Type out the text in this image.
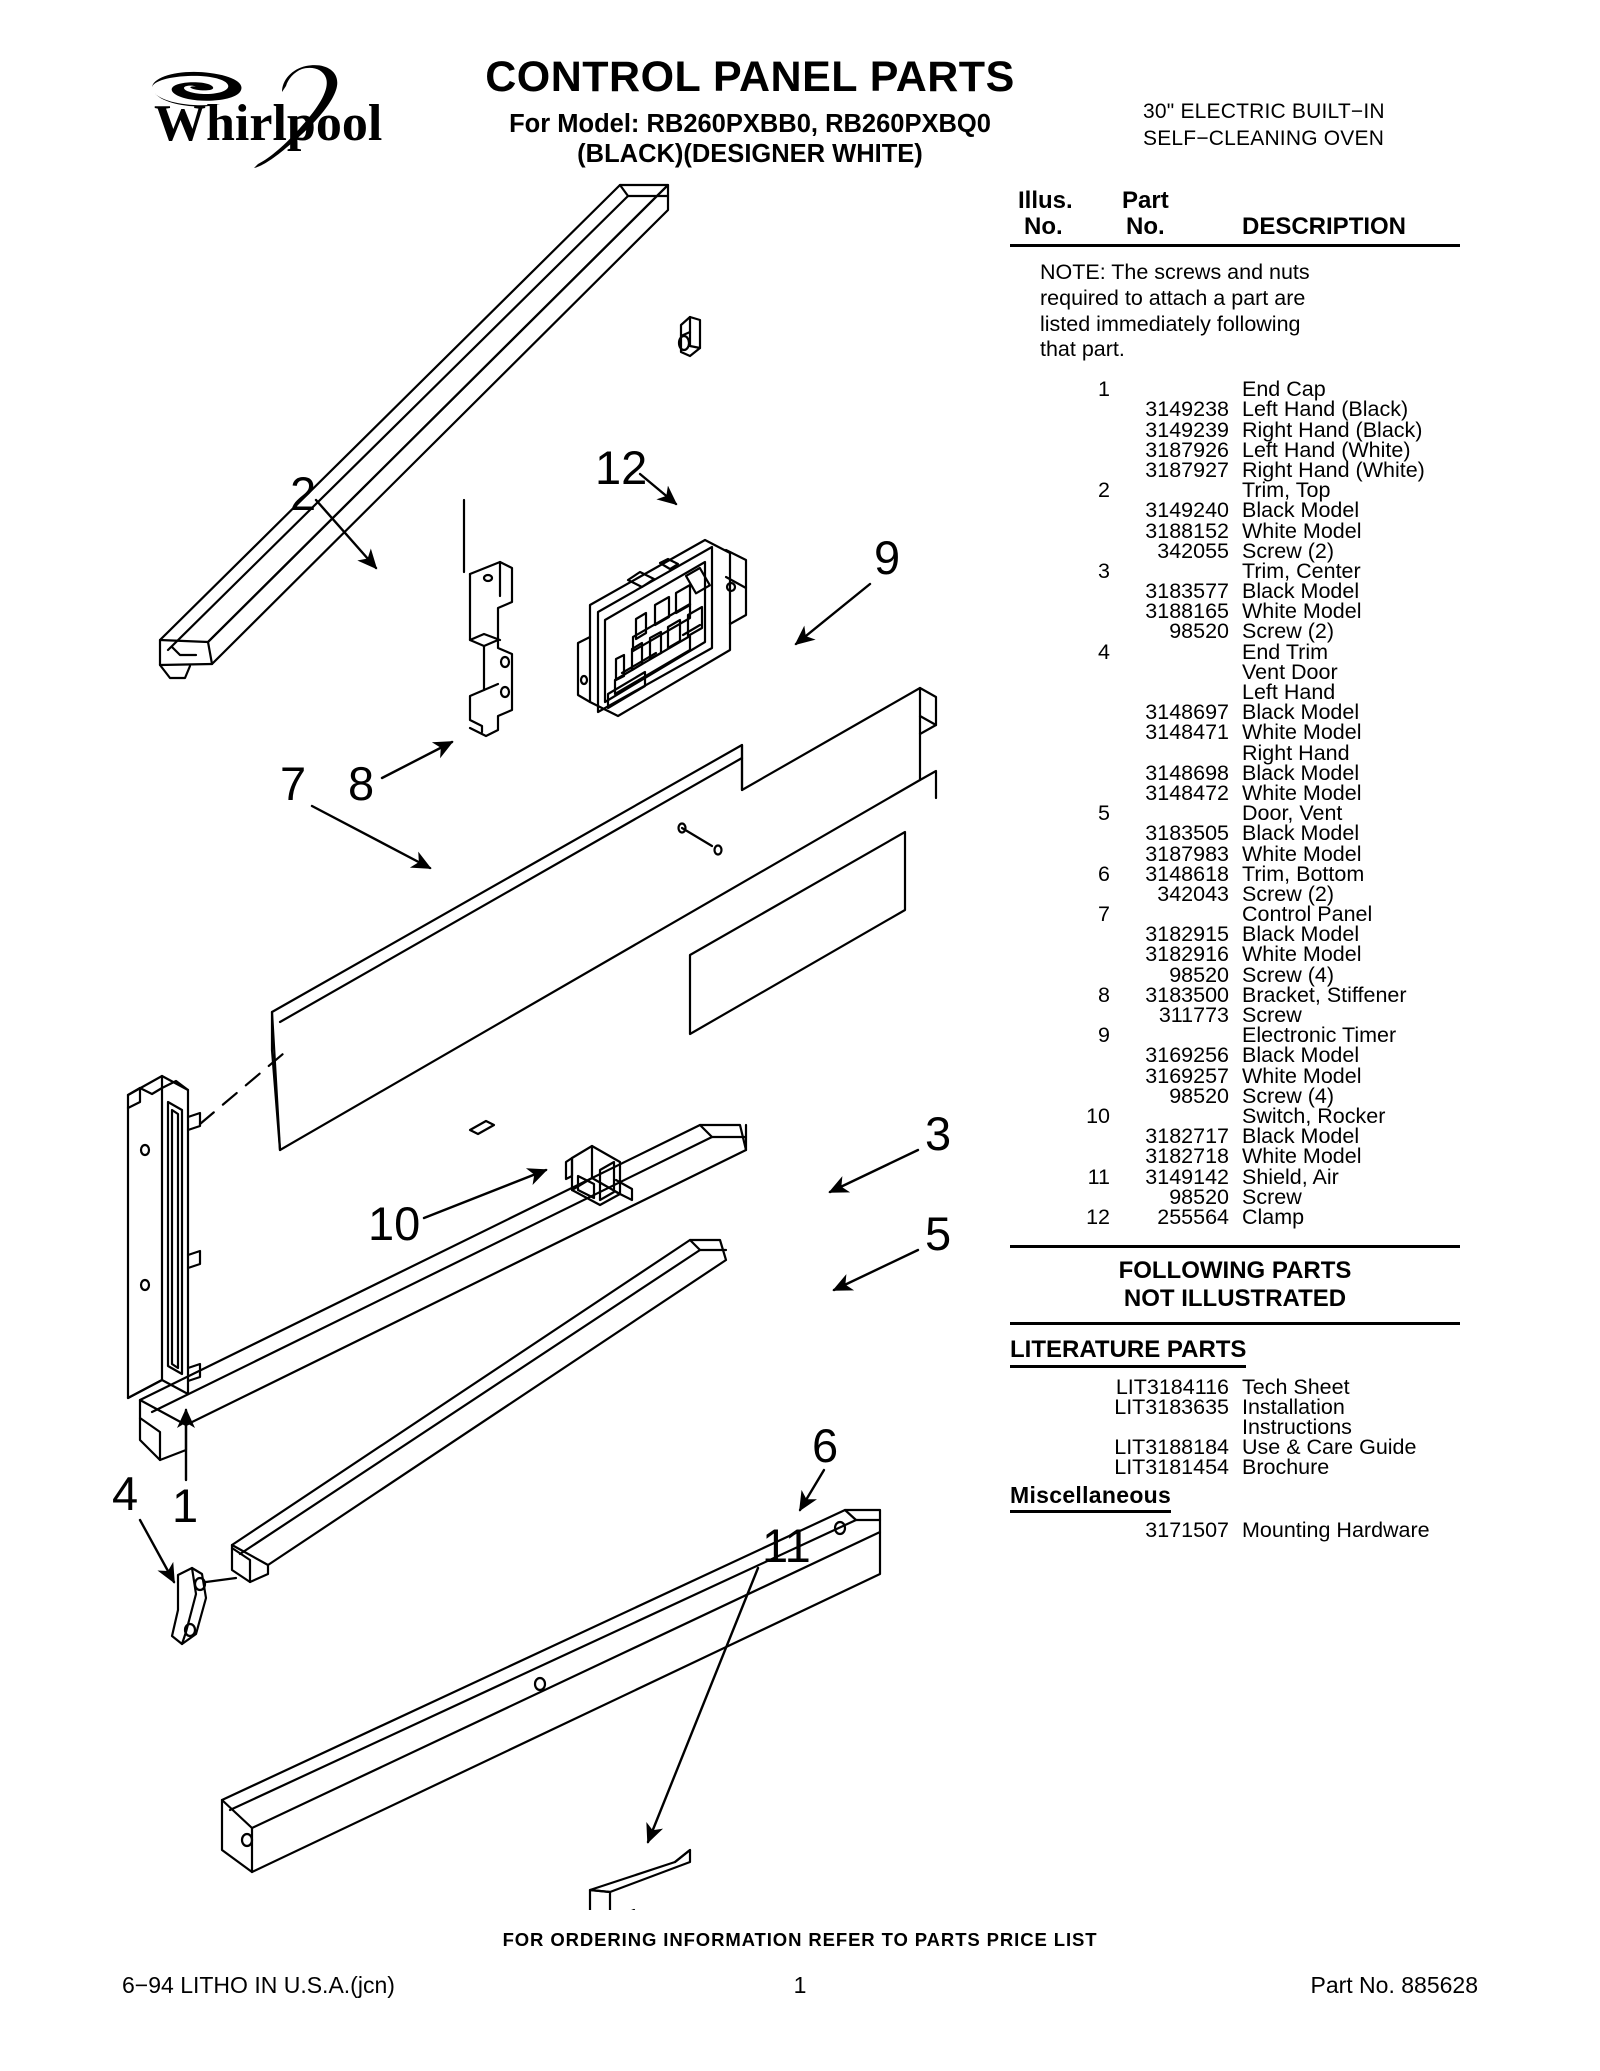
Whirlpool
CONTROL PANEL PARTS
For Model: RB260PXBB0, RB260PXBQ0
(BLACK)(DESIGNER WHITE)
30" ELECTRIC BUILT−IN
SELF−CLEANING OVEN
2	12
9
8
7
3
5
10
1
4
6
11
Illus.
No.
Part
No.	DESCRIPTION
NOTE: The screws and nuts required to attach a part are listed immediately following that part.
1	End Cap
3149238 Left Hand (Black)
3149239 Right Hand (Black)
3187926 Left Hand (White)
3187927 Right Hand (White)
2	Trim, Top
3149240 Black Model
3188152 White Model
342055 Screw (2)
3	Trim, Center
3183577 Black Model
3188165 White Model
98520 Screw (2)
4	End Trim
Vent Door
Left Hand
3148697 Black Model
3148471 White Model
Right Hand
3148698 Black Model
3148472 White Model
5	Door, Vent
3183505 Black Model
3187983 White Model
6	3148618 Trim, Bottom
342043 Screw (2)
7	Control Panel
3182915 Black Model
3182916 White Model
98520 Screw (4)
8	3183500 Bracket, Stiffener
311773 Screw
9	Electronic Timer
3169256 Black Model
3169257 White Model
98520 Screw (4)
10	Switch, Rocker
3182717 Black Model
3182718 White Model
11	3149142 Shield, Air
98520 Screw
12	255564 Clamp
FOLLOWING PARTS
NOT ILLUSTRATED
LITERATURE PARTS
LIT3184116 Tech Sheet
LIT3183635 Installation
Instructions
LIT3188184 Use & Care Guide
LIT3181454 Brochure
Miscellaneous
3171507 Mounting Hardware
FOR ORDERING INFORMATION REFER TO PARTS PRICE LIST
6−94 LITHO IN U.S.A.(jcn)	1	Part No. 885628
